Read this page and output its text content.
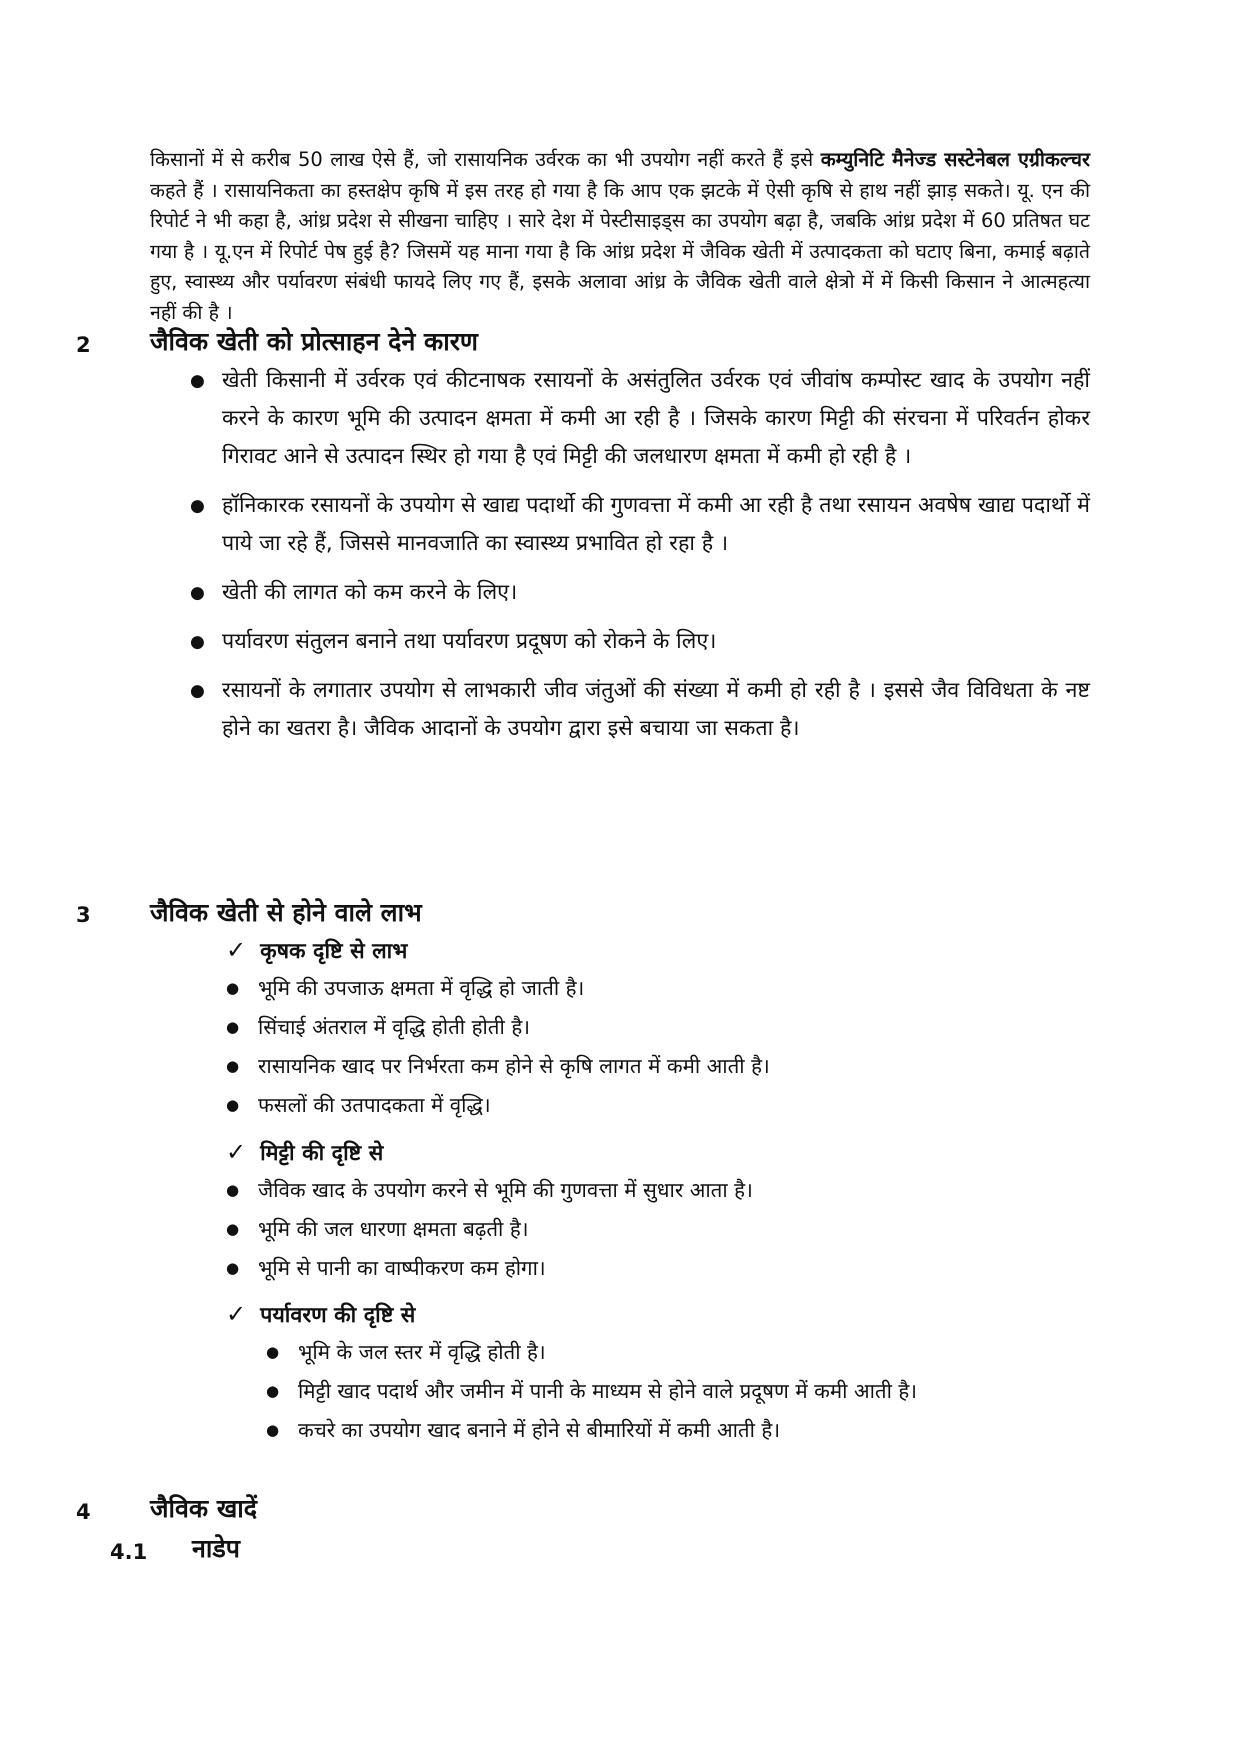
किसानों में से करीब 50 लाख ऐसे हैं, जो रासायनिक उर्वरक का भी उपयोग नहीं करते हैं इसे कम्युनिटि मैनेज्ड सस्टेनेबल एग्रीकल्चर कहते हैं । रासायनिकता का हस्तक्षेप कृषि में इस तरह हो गया है कि आप एक झटके में ऐसी कृषि से हाथ नहीं झाड़ सकते। यू. एन की रिपोर्ट ने भी कहा है, आंध्र प्रदेश से सीखना चाहिए । सारे देश में पेस्टीसाइड्स का उपयोग बढ़ा है, जबकि आंध्र प्रदेश में 60 प्रतिषत घट गया है । यू.एन में रिपोर्ट पेष हुई है? जिसमें यह माना गया है कि आंध्र प्रदेश में जैविक खेती में उत्पादकता को घटाए बिना, कमाई बढ़ाते हुए, स्वास्थ्य और पर्यावरण संबंधी फायदे लिए गए हैं, इसके अलावा आंध्र के जैविक खेती वाले क्षेत्रो में में किसी किसान ने आत्महत्या नहीं की है ।

2 जैविक खेती को प्रोत्साहन देने कारण
● खेती किसानी में उर्वरक एवं कीटनाषक रसायनों के असंतुलित उर्वरक एवं जीवांष कम्पोस्ट खाद के उपयोग नहीं करने के कारण भूमि की उत्पादन क्षमता में कमी आ रही है । जिसके कारण मिट्टी की संरचना में परिवर्तन होकर गिरावट आने से उत्पादन स्थिर हो गया है एवं मिट्टी की जलधारण क्षमता में कमी हो रही है ।
● हॉनिकारक रसायनों के उपयोग से खाद्य पदार्थो की गुणवत्ता में कमी आ रही है तथा रसायन अवषेष खाद्य पदार्थो में पाये जा रहे हैं, जिससे मानवजाति का स्वास्थ्य प्रभावित हो रहा है ।
● खेती की लागत को कम करने के लिए।
● पर्यावरण संतुलन बनाने तथा पर्यावरण प्रदूषण को रोकने के लिए।
● रसायनों के लगातार उपयोग से लाभकारी जीव जंतुओं की संख्या में कमी हो रही है । इससे जैव विविधता के नष्ट होने का खतरा है। जैविक आदानों के उपयोग द्वारा इसे बचाया जा सकता है।
3 जैविक खेती से होने वाले लाभ
✓ कृषक दृष्टि से लाभ
● भूमि की उपजाऊ क्षमता में वृद्धि हो जाती है।
● सिंचाई अंतराल में वृद्धि होती होती है।
● रासायनिक खाद पर निर्भरता कम होने से कृषि लागत में कमी आती है।
● फसलों की उतपादकता में वृद्धि।
✓ मिट्टी की दृष्टि से
● जैविक खाद के उपयोग करने से भूमि की गुणवत्ता में सुधार आता है।
● भूमि की जल धारणा क्षमता बढ़ती है।
● भूमि से पानी का वाष्पीकरण कम होगा।
✓ पर्यावरण की दृष्टि से
● भूमि के जल स्तर में वृद्धि होती है।
● मिट्टी खाद पदार्थ और जमीन में पानी के माध्यम से होने वाले प्रदूषण में कमी आती है।
● कचरे का उपयोग खाद बनाने में होने से बीमारियों में कमी आती है।
4 जैविक खादें
4.1 नाडेप
